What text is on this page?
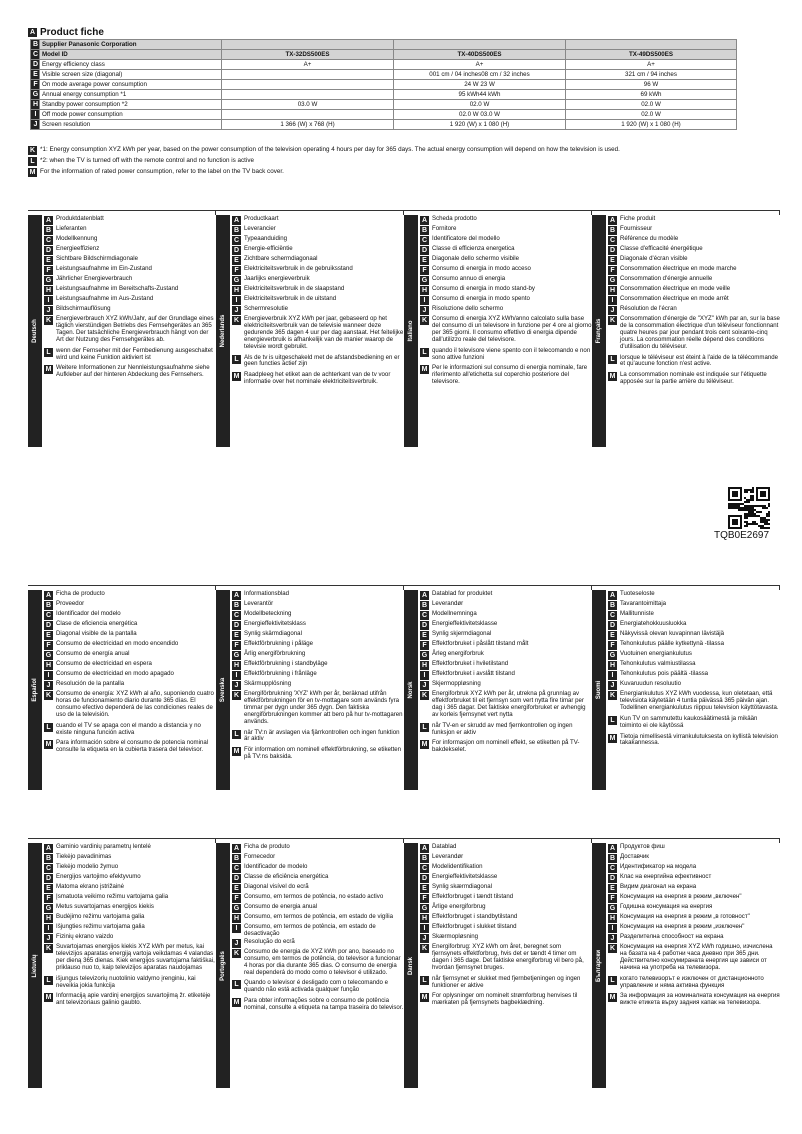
A Product fiche
B	Supplier Panasonic Corporation			
C	Model ID	TX-32DS500ES	TX-40DS500ES	TX-49DS500ES
D	Energy efficiency class	A+	A+	A+
E	Visible screen size (diagonal)		001 cm / 04 inches08 cm / 32 inches	321 cm / 94 inches
F	On mode average power consumption		24 W 23 W	96 W
G	Annual energy consumption *1		95 kWh44 kWh	69 kWh
H	Standby power consumption *2	03.0 W	02.0 W	02.0 W
I	Off mode power consumption		02.0 W 03.0 W	02.0 W
J	Screen resolution	1 366 (W) x 768 (H)	1 920 (W) x 1 080 (H)	1 920 (W) x 1 080 (H)
K *1: Energy consumption XYZ kWh per year, based on the power consumption of the television operating 4 hours per day for 365 days. The actual energy consumption will depend on how the television is used.
L *2: when the TV is turned off with the remote control and no function is active
M For the information of rated power consumption, refer to the label on the TV back cover.
Deutsch
A Produktdatenblatt
B Lieferanten
C Modellkennung
D Energieeffizienz
E Sichtbare Bildschirmdiagonale
F Leistungsaufnahme im Ein-Zustand
G Jährlicher Energieverbrauch
H Leistungsaufnahme im Bereitschafts-Zustand
I	Leistungsaufnahme im Aus-Zustand
J Bildschirmauflösung
K Energieverbrauch XYZ kWh/Jahr, auf der Grundlage eines täglich vierstündigen Betriebs des Fernsehgerätes an 365 Tagen. Der tatsächliche Energieverbrauch hängt von der Art der Nutzung des Fernsehgerätes ab.
L wenn der Fernseher mit der Fernbedienung ausgeschaltet wird und keine Funktion aktiviert ist
M Weitere Informationen zur Nennleistungsaufnahme siehe Aufkleber auf der hinteren Abdeckung des Fernsehers.
Nederlands
A Productkaart
B Leverancier
C Typeaanduiding
D Energie-efficiëntie
E Zichtbare schermdiagonaal
F Elektriciteitsverbruik in de gebruiksstand
G Jaarlijks energieverbruik
H Elektriciteitsverbruik in de slaapstand
I	Elektriciteitsverbruik in de uitstand
J Schermresolutie
K Energieverbruik XYZ kWh per jaar, gebaseerd op het elektriciteitsverbruik van de televisie wanneer deze gedurende 365 dagen 4 uur per dag aanstaat. Het feitelijke energieverbruik is afhankelijk van de manier waarop de televisie wordt gebruikt.
L Als de tv is uitgeschakeld met de afstandsbediening en er geen functies actief zijn
M Raadpleeg het etiket aan de achterkant van de tv voor informatie over het nominale elektriciteitsverbruik.
Italiano
A Scheda prodotto
B Fornitore
C Identificatore del modello
D Classe di efficienza energetica
E Diagonale dello schermo visibile
F Consumo di energia in modo acceso
G Consumo annuo di energia
H Consumo di energia in modo stand-by
I	Consumo di energia in modo spento
J Risoluzione dello schermo
K Consumo di energia XYZ kWh/anno calcolato sulla base del consumo di un televisore in funzione per 4 ore al giorno per 365 giorni. Il consumo effettivo di energia dipende dall'utilizzo reale del televisore.
L quando il televisore viene spento con il telecomando e non sono attive funzioni
M Per le informazioni sul consumo di energia nominale, fare riferimento all'etichetta sul coperchio posteriore del televisore.
Français
A Fiche produit
B Fournisseur
C Référence du modèle
D Classe d'efficacité énergétique
E Diagonale d'écran visible
F Consommation électrique en mode marche
G Consommation d'énergie annuelle
H Consommation électrique en mode veille
I	Consommation électrique en mode arrêt
J Résolution de l'écran
K Consommation d'énergie de "XYZ" kWh par an, sur la base de la consommation électrique d'un téléviseur fonctionnant quatre heures par jour pendant trois cent soixante-cinq jours. La consommation réelle dépend des conditions d'utilisation du téléviseur.
L lorsque le téléviseur est éteint à l'aide de la télécommande et qu'aucune fonction n'est active.
M La consommation nominale est indiquée sur l'étiquette apposée sur la partie arrière du téléviseur.
Español
A Ficha de producto
B Proveedor
C Identificador del modelo
D Clase de eficiencia energética
E Diagonal visible de la pantalla
F Consumo de electricidad en modo encendido
G Consumo de energía anual
H Consumo de electricidad en espera
I	Consumo de electricidad en modo apagado
J Resolución de la pantalla
K Consumo de energía: XYZ kWh al año, suponiendo cuatro horas de funcionamiento diario durante 365 días. El consumo efectivo dependerá de las condiciones reales de uso de la televisión.
L cuando el TV se apaga con el mando a distancia y no existe ninguna función activa
M Para información sobre el consumo de potencia nominal consulte la etiqueta en la cubierta trasera del televisor.
Svenska
A Informationsblad
B Leverantör
C Modellbeteckning
D Energieffektivitetsklass
E Synlig skärmdiagonal
F Effektförbrukning i påläge
G Årlig energiförbrukning
H Effektförbrukning i standbyläge
I	Effektförbrukning i frånläge
J Skärmupplösning
K Energiförbrukning 'XYZ' kWh per år, beräknad utifrån effektförbrukningen för en tv-mottagare som används fyra timmar per dygn under 365 dygn. Den faktiska energiförbrukningen kommer att bero på hur tv-mottagaren används.
L när TV:n är avslagen via fjärrkontrollen och ingen funktion är aktiv
M För information om nominell effektförbrukning, se etiketten på TV:ns baksida.
Norsk
A Datablad for produktet
B Leverandør
C Modellnemninga
D Energieffektivitetsklasse
E Synlig skjermdiagonal
F Effektforbruket i påslått tilstand målt
G Årleg energiforbruk
H Effektforbruket i hviletilstand
I	Effektforbruket i avslått tilstand
J Skjermoppløsning
K Energiforbruk XYZ kWh per år, utrekna på grunnlag av effektforbruket til eit fjernsyn som vert nytta fire timar per dag i 365 dagar. Det faktiske energiforbruket er avhengig av korleis fjernsynet vert nytta
L når TV-en er skrudd av med fjernkontrollen og ingen funksjon er aktiv
M For informasjon om nominell effekt, se etiketten på TV-bakdekselet.
Suomi
A Tuoteseloste
B Tavarantoimittaja
C Mallitunniste
D Energiatehokkuusluokka
E Näkyvissä olevan kuvapinnan lävistäjä
F Tehonkulutus päälle kytkettynä -tilassa
G Vuotuinen energiankulutus
H Tehonkulutus valmiustilassa
I	Tehonkulutus pois päältä -tilassa
J Kuvaruudun resoluutio
K Energiankulutus XYZ kWh vuodessa, kun oletetaan, että televisiota käytetään 4 tuntia päivässä 365 päivän ajan. Todellinen energiankulutus riippuu television käyttötavasta.
L Kun TV on sammutettu kaukosäätimestä ja mikään toiminto ei ole käytössä
M Tietoja nimellisestä virrankulutuksesta on kyllistä television takakannessa.
Lietuvių
A Gaminio vardinių parametrų lentelė
B Tiekėjo pavadinimas
C Tiekėjo modelio žymuo
D Energijos vartojimo efektyvumo
E Matoma ekrano įstrižainė
F Įsmatuota veikimo režimu vartojama galia
G Metus suvartojamas energijos kiekis
H Budėjimo režimu vartojama galia
I	Išjungties režimu vartojama galia
J Fizinių ekrano vaizdo
K Suvartojamas energijos kiekis XYZ kWh per metus, kai televizijos aparatas energiją vartoja veikdamas 4 valandas per dieną 365 dienas. Kiek energijos suvartojama faktiškai, priklauso nuo to, kaip televizijos aparatas naudojamas
L išjungus televizorių nuotolinio valdymo įrenginiu, kai neveikia jokia funkcija
M Informaciją apie vardinį energijos suvartojimą žr. etiketėje ant televizoriaus galinio gaubto.
Português
A Ficha de produto
B Fornecedor
C Identificador de modelo
D Classe de eficiência energética
E Diagonal visível do ecrã
F Consumo, em termos de potência, no estado activo
G Consumo de energia anual
H Consumo, em termos de potência, em estado de vigília
I	Consumo, em termos de potência, em estado de desactivação
J Resolução do ecrã
K Consumo de energia de XYZ kWh por ano, baseado no consumo, em termos de potência, do televisor a funcionar 4 horas por dia durante 365 dias. O consumo de energia real dependerá do modo como o televisor é utilizado.
L Quando o televisor é desligado com o telecomando e quando não está activada qualquer função
M Para obter informações sobre o consumo de potência nominal, consulte a etiqueta na tampa traseira do televisor.
Dansk
A Datablad
B Leverandør
C Modelidentifikation
D Energieffektivitetsklasse
E Synlig skærmdiagonal
F Effektforbruget i tændt tilstand
G Årlige energiforbrug
H Effektforbruget i standbytilstand
I	Effektforbruget i slukket tilstand
J Skærmopløsning
K Energiforbrug: XYZ kWh om året, beregnet som fjernsynets effektforbrug, hvis det er tændt 4 timer om dagen i 365 dage. Det faktiske energiforbrug vil bero på, hvordan fjernsynet bruges.
L når fjernsynet er slukket med fjernbetjeningen og ingen funktioner er aktive
M For oplysninger om nominelt strømforbrug henvises til mærkaten på fjernsynets bagbeklædning.
Български
A Продуктов фиш
B Доставчик
C Идентификатор на модела
D Клас на енергийна ефективност
E Видим диагонал на екрана
F Консумация на енергия в режим „включен"
G Годишна консумация на енергия
H Консумация на енергия в режим „в готовност"
I	Консумация на енергия в режим „изключен"
J Разделителна способност на екрана
K Консумация на енергия XYZ kWh годишно, изчислена на базата на 4 работни часа дневно при 365 дни. Действително консумираната енергия ще зависи от начина на употреба на телевизора.
L когато телевизорът е изключен от дистанционното управление и няма активна функция
M За информация за номиналната консумация на енергия вижте етикета върху задния капак на телевизора.
TQB0E2697
